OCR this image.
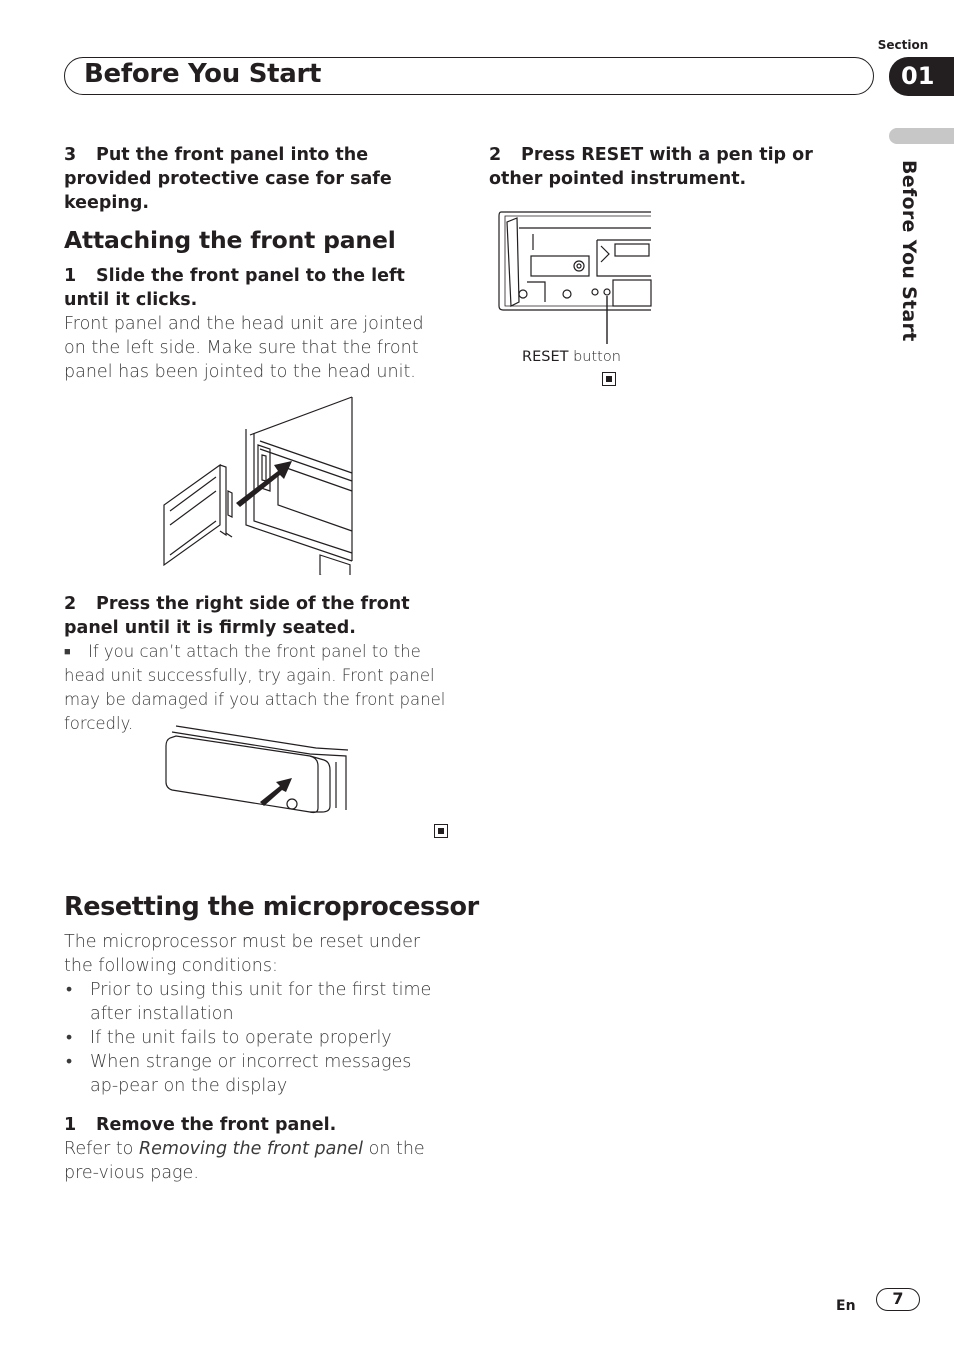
Section
Before You Start	01
Before You Start
3 Put the front panel into the provided protective case for safe keeping.
Attaching the front panel
1 Slide the front panel to the left until it clicks.
Front panel and the head unit are jointed on the left side. Make sure that the front panel has been jointed to the head unit.
2 Press the right side of the front panel until it is firmly seated.
■ If you can’t attach the front panel to the head unit successfully, try again. Front panel may be damaged if you attach the front panel forcedly.
Resetting the microprocessor
The microprocessor must be reset under the following conditions:
• Prior to using this unit for the first time after installation
• If the unit fails to operate properly
• When strange or incorrect messages ap-pear on the display
1 Remove the front panel.
Refer to Removing the front panel on the pre-vious page.
2 Press RESET with a pen tip or other pointed instrument.
RESET button
En	7
